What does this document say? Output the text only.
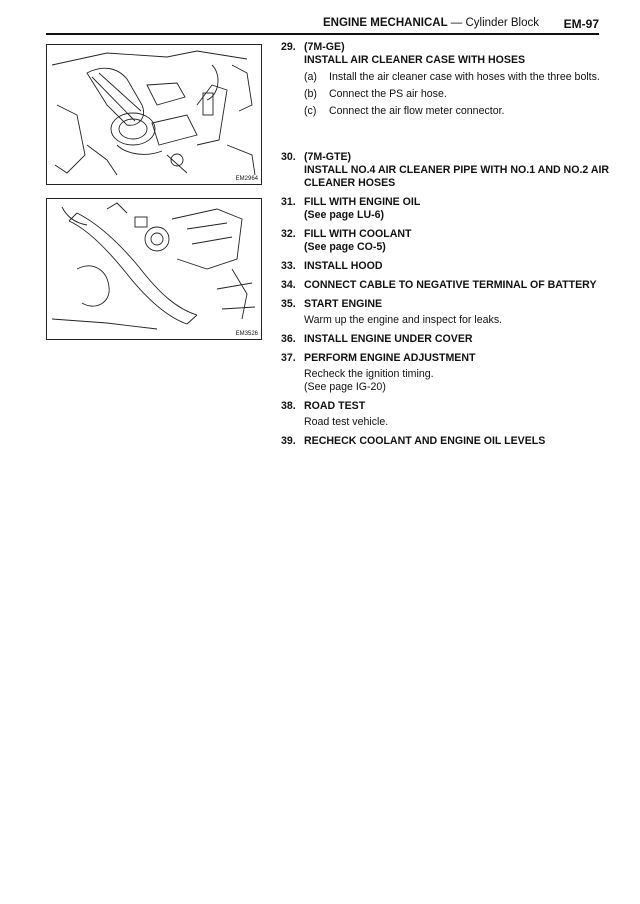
ENGINE MECHANICAL — Cylinder Block EM-97
EM2964
EM3526
29. (7M-GE)
INSTALL AIR CLEANER CASE WITH HOSES
(a) Install the air cleaner case with hoses with the three bolts.
(b) Connect the PS air hose.
(c) Connect the air flow meter connector.
30. (7M-GTE)
INSTALL NO.4 AIR CLEANER PIPE WITH NO.1 AND NO.2 AIR CLEANER HOSES
31. FILL WITH ENGINE OIL
(See page LU-6)
32. FILL WITH COOLANT
(See page CO-5)
33. INSTALL HOOD
34. CONNECT CABLE TO NEGATIVE TERMINAL OF BATTERY
35. START ENGINE
Warm up the engine and inspect for leaks.
36. INSTALL ENGINE UNDER COVER
37. PERFORM ENGINE ADJUSTMENT
Recheck the ignition timing.
(See page IG-20)
38. ROAD TEST
Road test vehicle.
39. RECHECK COOLANT AND ENGINE OIL LEVELS
